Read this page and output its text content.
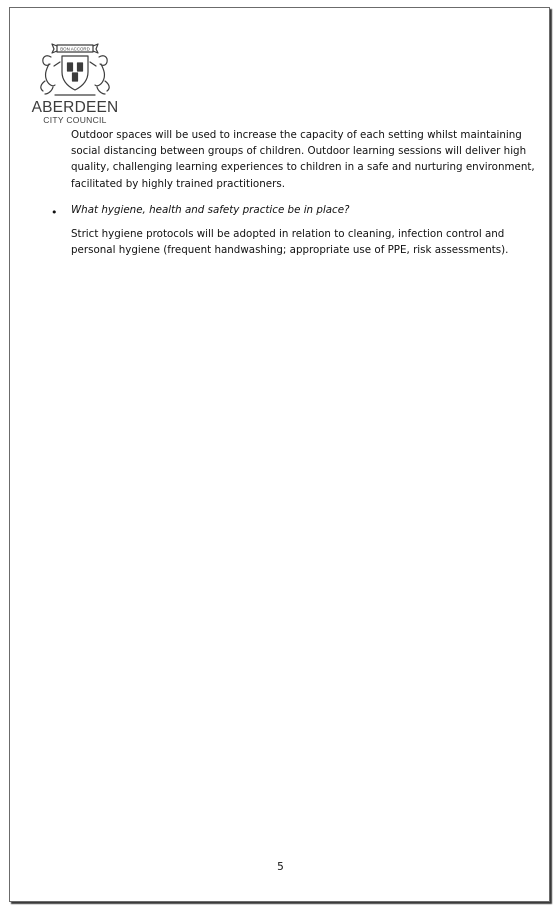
BON ACCORD
ABERDEEN
CITY COUNCIL
Outdoor spaces will be used to increase the capacity of each setting whilst maintaining social distancing between groups of children. Outdoor learning sessions will deliver high quality, challenging learning experiences to children in a safe and nurturing environment, facilitated by highly trained practitioners.
• What hygiene, health and safety practice be in place?
Strict hygiene protocols will be adopted in relation to cleaning, infection control and personal hygiene (frequent handwashing; appropriate use of PPE, risk assessments).
5
